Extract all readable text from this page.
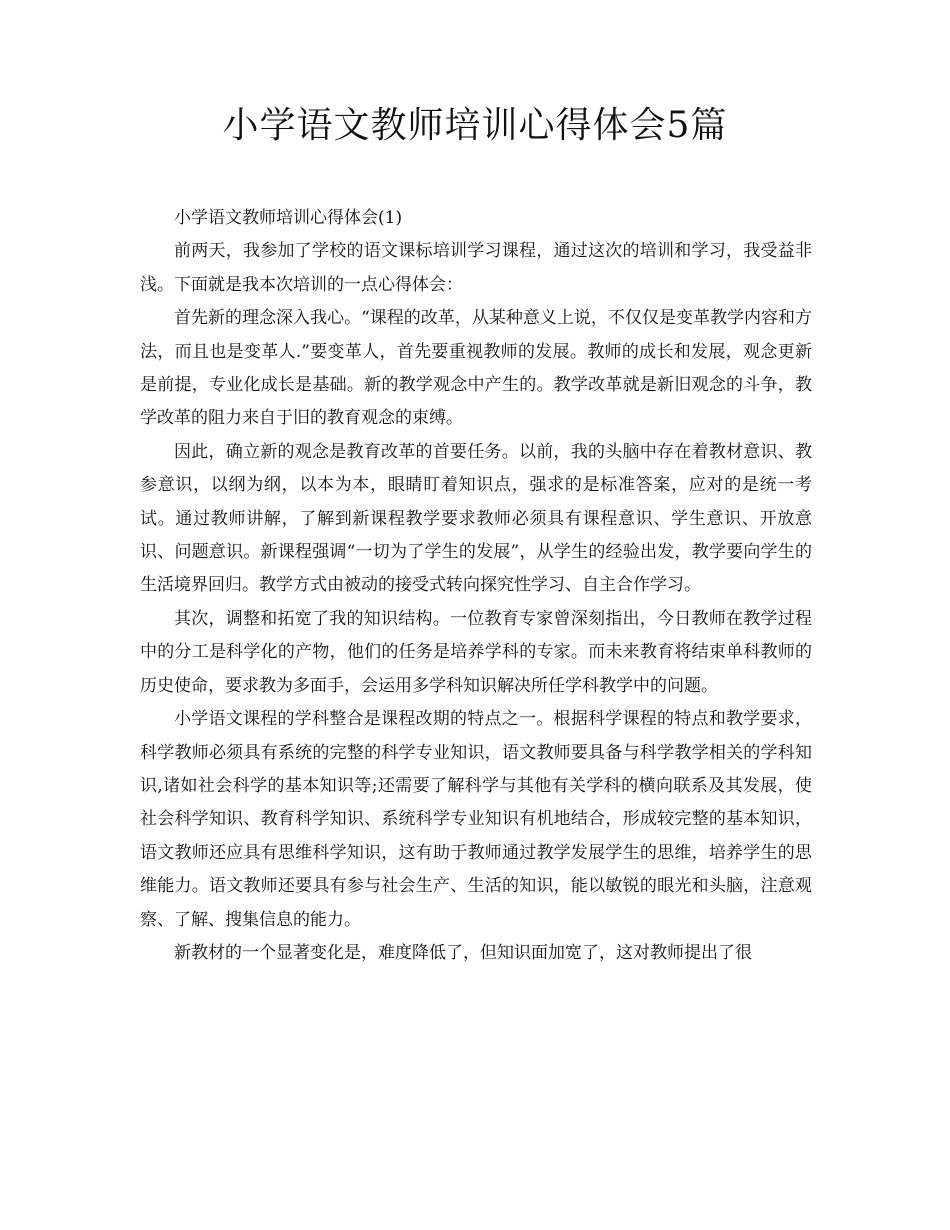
小学语文教师培训心得体会5篇

小学语文教师培训心得体会(1)

前两天，我参加了学校的语文课标培训学习课程，通过这次的培训和学习，我受益非浅。下面就是我本次培训的一点心得体会：

首先新的理念深入我心。“课程的改革，从某种意义上说，不仅仅是变革教学内容和方法，而且也是变革人.”要变革人，首先要重视教师的发展。教师的成长和发展，观念更新是前提，专业化成长是基础。新的教学观念中产生的。教学改革就是新旧观念的斗争，教学改革的阻力来自于旧的教育观念的束缚。

因此，确立新的观念是教育改革的首要任务。以前，我的头脑中存在着教材意识、教参意识，以纲为纲，以本为本，眼睛盯着知识点，强求的是标准答案，应对的是统一考试。通过教师讲解，了解到新课程教学要求教师必须具有课程意识、学生意识、开放意识、问题意识。新课程强调“一切为了学生的发展”，从学生的经验出发，教学要向学生的生活境界回归。教学方式由被动的接受式转向探究性学习、自主合作学习。

其次，调整和拓宽了我的知识结构。一位教育专家曾深刻指出，今日教师在教学过程中的分工是科学化的产物，他们的任务是培养学科的专家。而未来教育将结束单科教师的历史使命，要求教为多面手，会运用多学科知识解决所任学科教学中的问题。

小学语文课程的学科整合是课程改期的特点之一。根据科学课程的特点和教学要求，科学教师必须具有系统的完整的科学专业知识，语文教师要具备与科学教学相关的学科知识,诸如社会科学的基本知识等;还需要了解科学与其他有关学科的横向联系及其发展，使社会科学知识、教育科学知识、系统科学专业知识有机地结合，形成较完整的基本知识，语文教师还应具有思维科学知识，这有助于教师通过教学发展学生的思维，培养学生的思维能力。语文教师还要具有参与社会生产、生活的知识，能以敏锐的眼光和头脑，注意观察、了解、搜集信息的能力。

新教材的一个显著变化是，难度降低了，但知识面加宽了，这对教师提出了很
